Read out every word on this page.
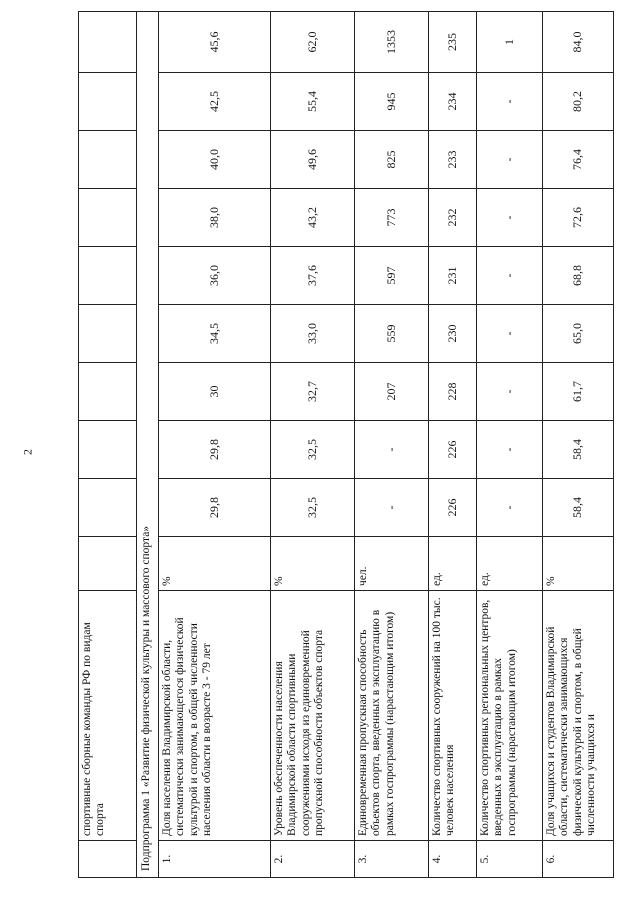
2
	спортивные сборные команды РФ по видам спорта										
Подпрограмма 1 «Развитие физической культуры и массового спорта»											
1.	Доля населения Владимирской области, систематически занимающегося физической культурой и спортом, в общей численности населения области в возрасте 3 - 79 лет	%	29,8	29,8	30	34,5	36,0	38,0	40,0	42,5	45,6
2.	Уровень обеспеченности населения Владимирской области спортивными сооружениями исходя из единовременной пропускной способности объектов спорта	%	32,5	32,5	32,7	33,0	37,6	43,2	49,6	55,4	62,0
3.	Единовременная пропускная способность объектов спорта, введенных в эксплуатацию в рамках госпрограммы (нарастающим итогом)	чел.	-	-	207	559	597	773	825	945	1353
4.	Количество спортивных сооружений на 100 тыс. человек населения	ед.	226	226	228	230	231	232	233	234	235
5.	Количество спортивных региональных центров, введенных в эксплуатацию в рамках госпрограммы (нарастающим итогом)	ед.	-	-	-	-	-	-	-	-	1
6.	Доля учащихся и студентов Владимирской области, систематически занимающихся физической культурой и спортом, в общей численности учащихся и	%	58,4	58,4	61,7	65,0	68,8	72,6	76,4	80,2	84,0
